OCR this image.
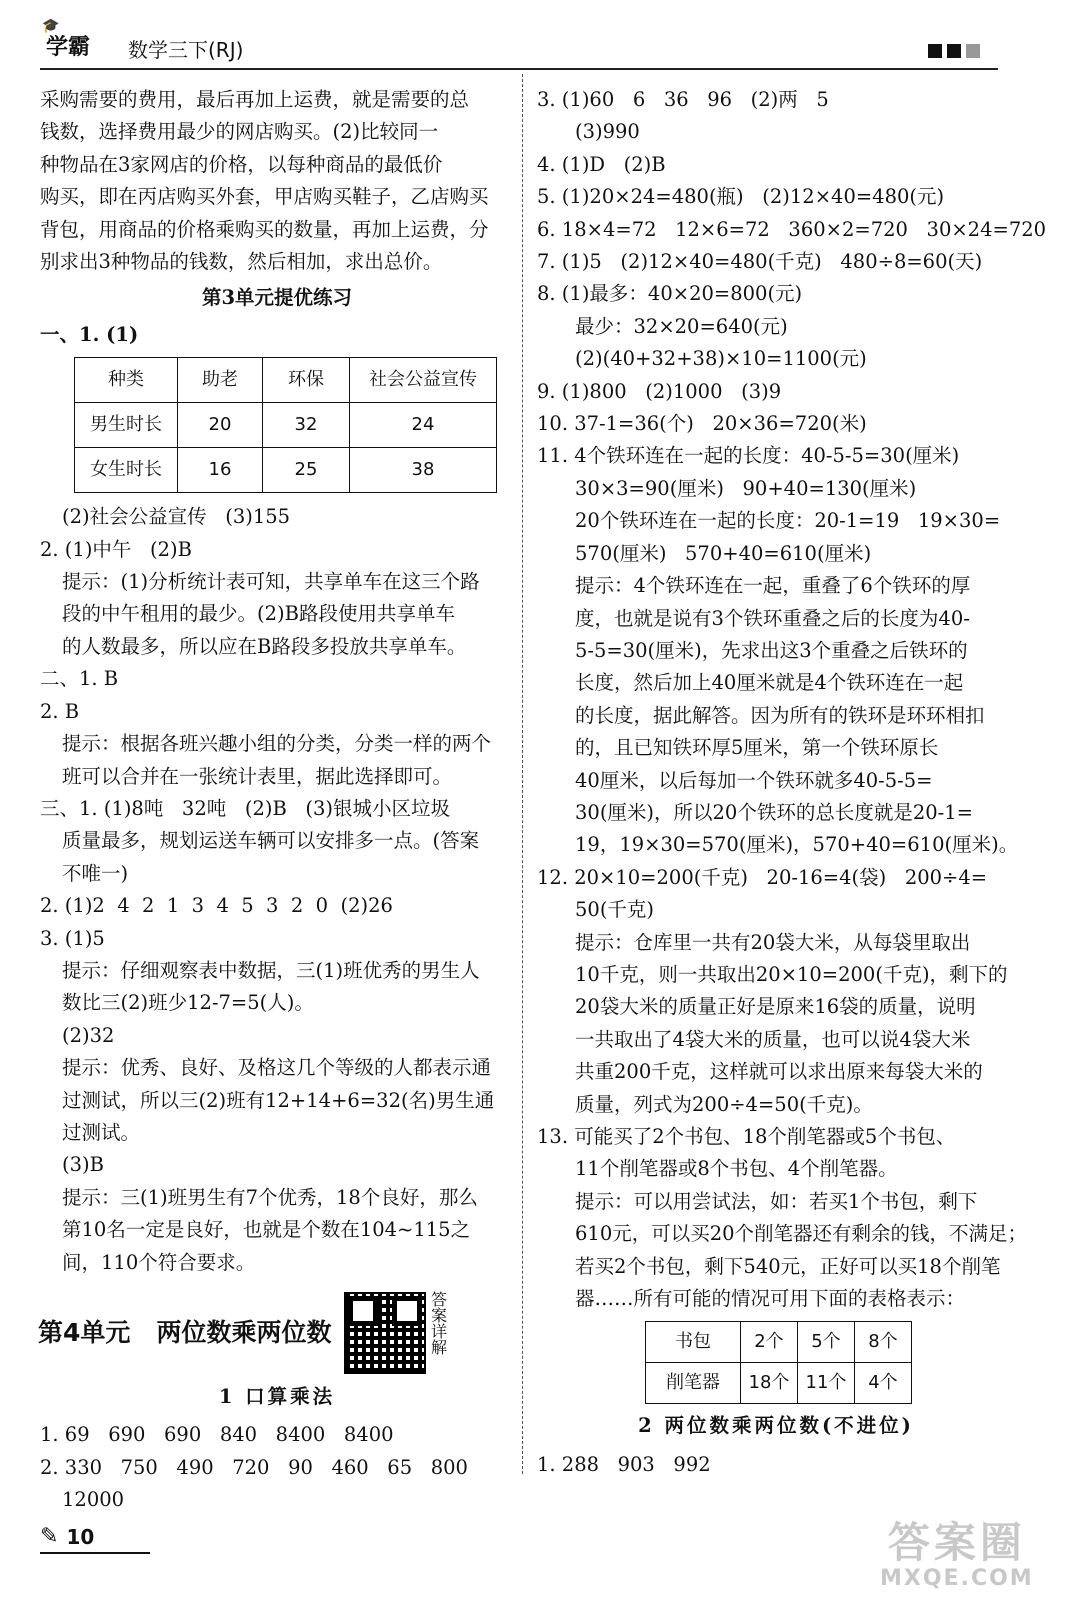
🎓
学霸 数学三下(RJ)
采购需要的费用，最后再加上运费，就是需要的总
钱数，选择费用最少的网店购买。(2)比较同一
种物品在3家网店的价格，以每种商品的最低价
购买，即在丙店购买外套，甲店购买鞋子，乙店购买
背包，用商品的价格乘购买的数量，再加上运费，分
别求出3种物品的钱数，然后相加，求出总价。
第3单元提优练习
一、1. (1)
种类	助老	环保	社会公益宣传
男生时长	20	32	24
女生时长	16	25	38
(2)社会公益宣传   (3)155
2. (1)中午   (2)B
提示：(1)分析统计表可知，共享单车在这三个路
段的中午租用的最少。(2)B路段使用共享单车
的人数最多，所以应在B路段多投放共享单车。
二、1. B
2. B
提示：根据各班兴趣小组的分类，分类一样的两个
班可以合并在一张统计表里，据此选择即可。
三、1. (1)8吨   32吨   (2)B   (3)银城小区垃圾
质量最多，规划运送车辆可以安排多一点。(答案
不唯一)
2. (1)2  4  2  1  3  4  5  3  2  0  (2)26
3. (1)5
提示：仔细观察表中数据，三(1)班优秀的男生人
数比三(2)班少12-7=5(人)。
(2)32
提示：优秀、良好、及格这几个等级的人都表示通
过测试，所以三(2)班有12+14+6=32(名)男生通
过测试。
(3)B
提示：三(1)班男生有7个优秀，18个良好，那么
第10名一定是良好，也就是个数在104~115之
间，110个符合要求。
第4单元   两位数乘两位数	答案详解
1 口算乘法
1. 69   690   690   840   8400   8400
2. 330   750   490   720   90   460   65   800
12000
3. (1)60   6   36   96   (2)两   5
(3)990
4. (1)D   (2)B
5. (1)20×24=480(瓶)   (2)12×40=480(元)
6. 18×4=72   12×6=72   360×2=720   30×24=720
7. (1)5   (2)12×40=480(千克)   480÷8=60(天)
8. (1)最多：40×20=800(元)
最少：32×20=640(元)
(2)(40+32+38)×10=1100(元)
9. (1)800   (2)1000   (3)9
10. 37-1=36(个)   20×36=720(米)
11. 4个铁环连在一起的长度：40-5-5=30(厘米)
30×3=90(厘米)   90+40=130(厘米)
20个铁环连在一起的长度：20-1=19   19×30=
570(厘米)   570+40=610(厘米)
提示：4个铁环连在一起，重叠了6个铁环的厚
度，也就是说有3个铁环重叠之后的长度为40-
5-5=30(厘米)，先求出这3个重叠之后铁环的
长度，然后加上40厘米就是4个铁环连在一起
的长度，据此解答。因为所有的铁环是环环相扣
的，且已知铁环厚5厘米，第一个铁环原长
40厘米，以后每加一个铁环就多40-5-5=
30(厘米)，所以20个铁环的总长度就是20-1=
19，19×30=570(厘米)，570+40=610(厘米)。
12. 20×10=200(千克)   20-16=4(袋)   200÷4=
50(千克)
提示：仓库里一共有20袋大米，从每袋里取出
10千克，则一共取出20×10=200(千克)，剩下的
20袋大米的质量正好是原来16袋的质量，说明
一共取出了4袋大米的质量，也可以说4袋大米
共重200千克，这样就可以求出原来每袋大米的
质量，列式为200÷4=50(千克)。
13. 可能买了2个书包、18个削笔器或5个书包、
11个削笔器或8个书包、4个削笔器。
提示：可以用尝试法，如：若买1个书包，剩下
610元，可以买20个削笔器还有剩余的钱，不满足；
若买2个书包，剩下540元，正好可以买18个削笔
器……所有可能的情况可用下面的表格表示：
书包	2个	5个	8个
削笔器	18个	11个	4个
2 两位数乘两位数(不进位)
1. 288   903   992
✎ 10	答案圈
MXQE.COM
